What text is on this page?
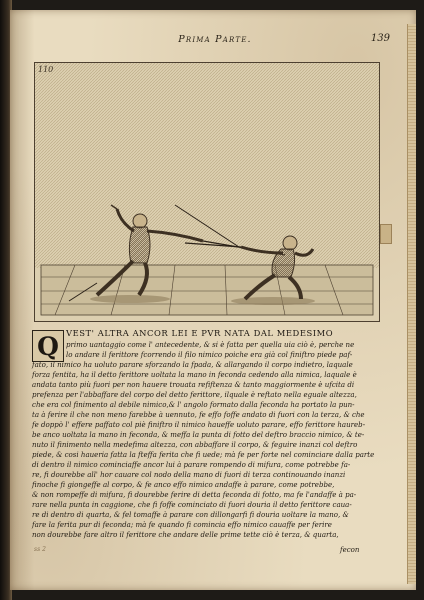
Prima Parte.	139
110
Q VEST' ALTRA ANCOR LEI E PVR NATA DAL MEDESIMO
primo uantaggio come l' antecedente, & si è fatta per quella uia ciò è, perche ne
lo andare il ferittore fcorrendo il filo nimico poiche era già col finiftro piede paf-
fato, il nimico ha uoluto parare sforzando la fpada, & allargando il corpo indietro, laquale
forza fentita, ha il detto ferittore uoltata la mano in feconda cedendo alla nimica, laquale è
andata tanto più fuori per non hauere trouata refiftenza & tanto maggiormente è ufcita di
prefenza per l'abbaffare del corpo del detto ferittore, ilquale è reftato nella eguale altezza,
che era col finimento al debile nimico,& l' angolo formato dalla feconda ha portato la pun-
ta à ferire il che non meno farebbe à uennuto, fe effo foffe andato di fuori con la terza, & che
fe doppò l' effere paffato col piè finiftro il nimico haueffe uoluto parare, effo ferittore haureb-
be anco uoltata la mano in feconda, & meffa la punta di fotto del deftro braccio nimico, & te-
nuto il finimento nella medefima altezza, con abbaffare il corpo, & feguire inanzi col deftro
piede, & cosi haueria fatta la fteffa ferita che fi uede; mà fe per forte nel cominciare dalla parte
di dentro il nimico cominciaffe ancor lui à parare rompendo di mifura, come potrebbe fa-
re, fi dourebbe all' hor cauare col nodo della mano di fuori di terza continouando inanzi
finoche fi giongeffe al corpo, & fe anco effo nimico andaffe à parare, come potrebbe,
& non rompeffe di mifura, fi dourebbe ferire di detta feconda di fotto, ma fe l'andaffe à pa-
rare nella punta in caggione, che fi foffe cominciato di fuori douria il detto ferittore caua-
re di dentro di quarta, & fel tomaffe à parare con dillongarfi fi douria uoltare la mano, &
fare la ferita pur di feconda; mà fe quando fi comincia effo nimico cauaffe per ferire
non dourebbe fare altro il ferittore che andare delle prime tette ciò è terza, & quarta,
ss 2	fecon
